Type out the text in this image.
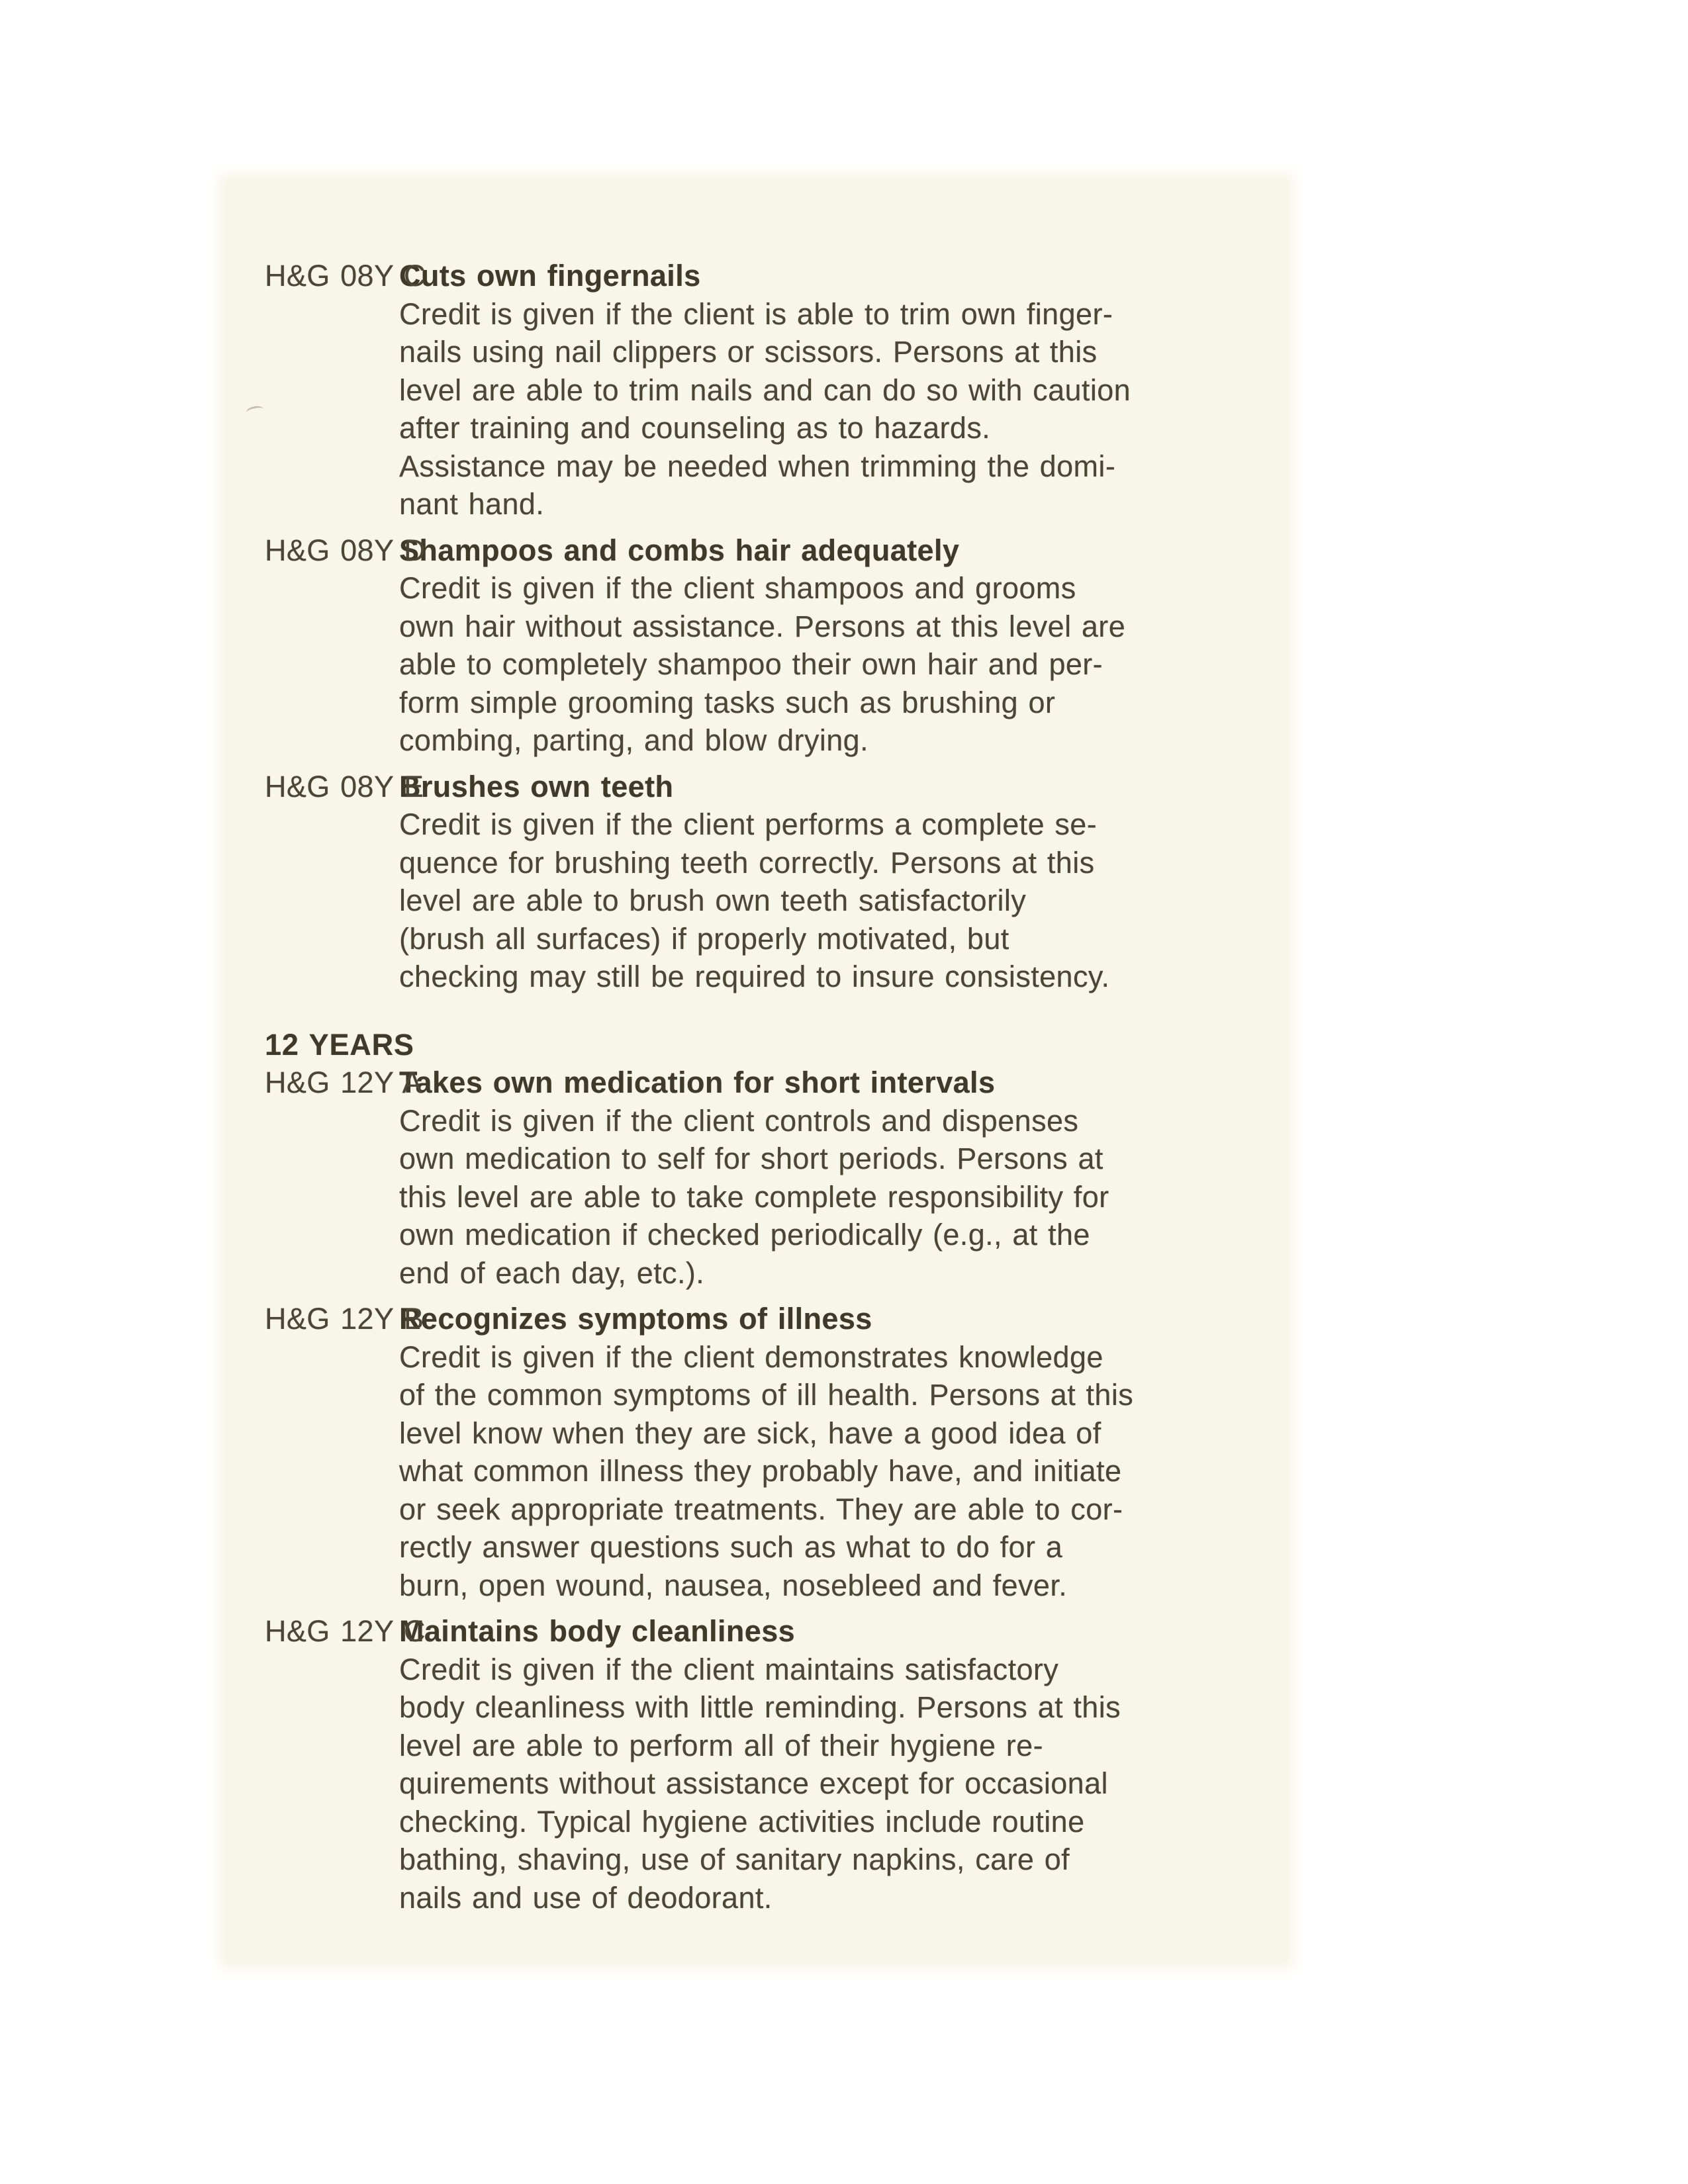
H&G 08Y C
Cuts own fingernails
Credit is given if the client is able to trim own finger-
nails using nail clippers or scissors. Persons at this
level are able to trim nails and can do so with caution
after training and counseling as to hazards.
Assistance may be needed when trimming the domi-
nant hand.
H&G 08Y D
Shampoos and combs hair adequately
Credit is given if the client shampoos and grooms
own hair without assistance. Persons at this level are
able to completely shampoo their own hair and per-
form simple grooming tasks such as brushing or
combing, parting, and blow drying.
H&G 08Y E
Brushes own teeth
Credit is given if the client performs a complete se-
quence for brushing teeth correctly. Persons at this
level are able to brush own teeth satisfactorily
(brush all surfaces) if properly motivated, but
checking may still be required to insure consistency.
12 YEARS
H&G 12Y A
Takes own medication for short intervals
Credit is given if the client controls and dispenses
own medication to self for short periods. Persons at
this level are able to take complete responsibility for
own medication if checked periodically (e.g., at the
end of each day, etc.).
H&G 12Y B
Recognizes symptoms of illness
Credit is given if the client demonstrates knowledge
of the common symptoms of ill health. Persons at this
level know when they are sick, have a good idea of
what common illness they probably have, and initiate
or seek appropriate treatments. They are able to cor-
rectly answer questions such as what to do for a
burn, open wound, nausea, nosebleed and fever.
H&G 12Y C
Maintains body cleanliness
Credit is given if the client maintains satisfactory
body cleanliness with little reminding. Persons at this
level are able to perform all of their hygiene re-
quirements without assistance except for occasional
checking. Typical hygiene activities include routine
bathing, shaving, use of sanitary napkins, care of
nails and use of deodorant.
